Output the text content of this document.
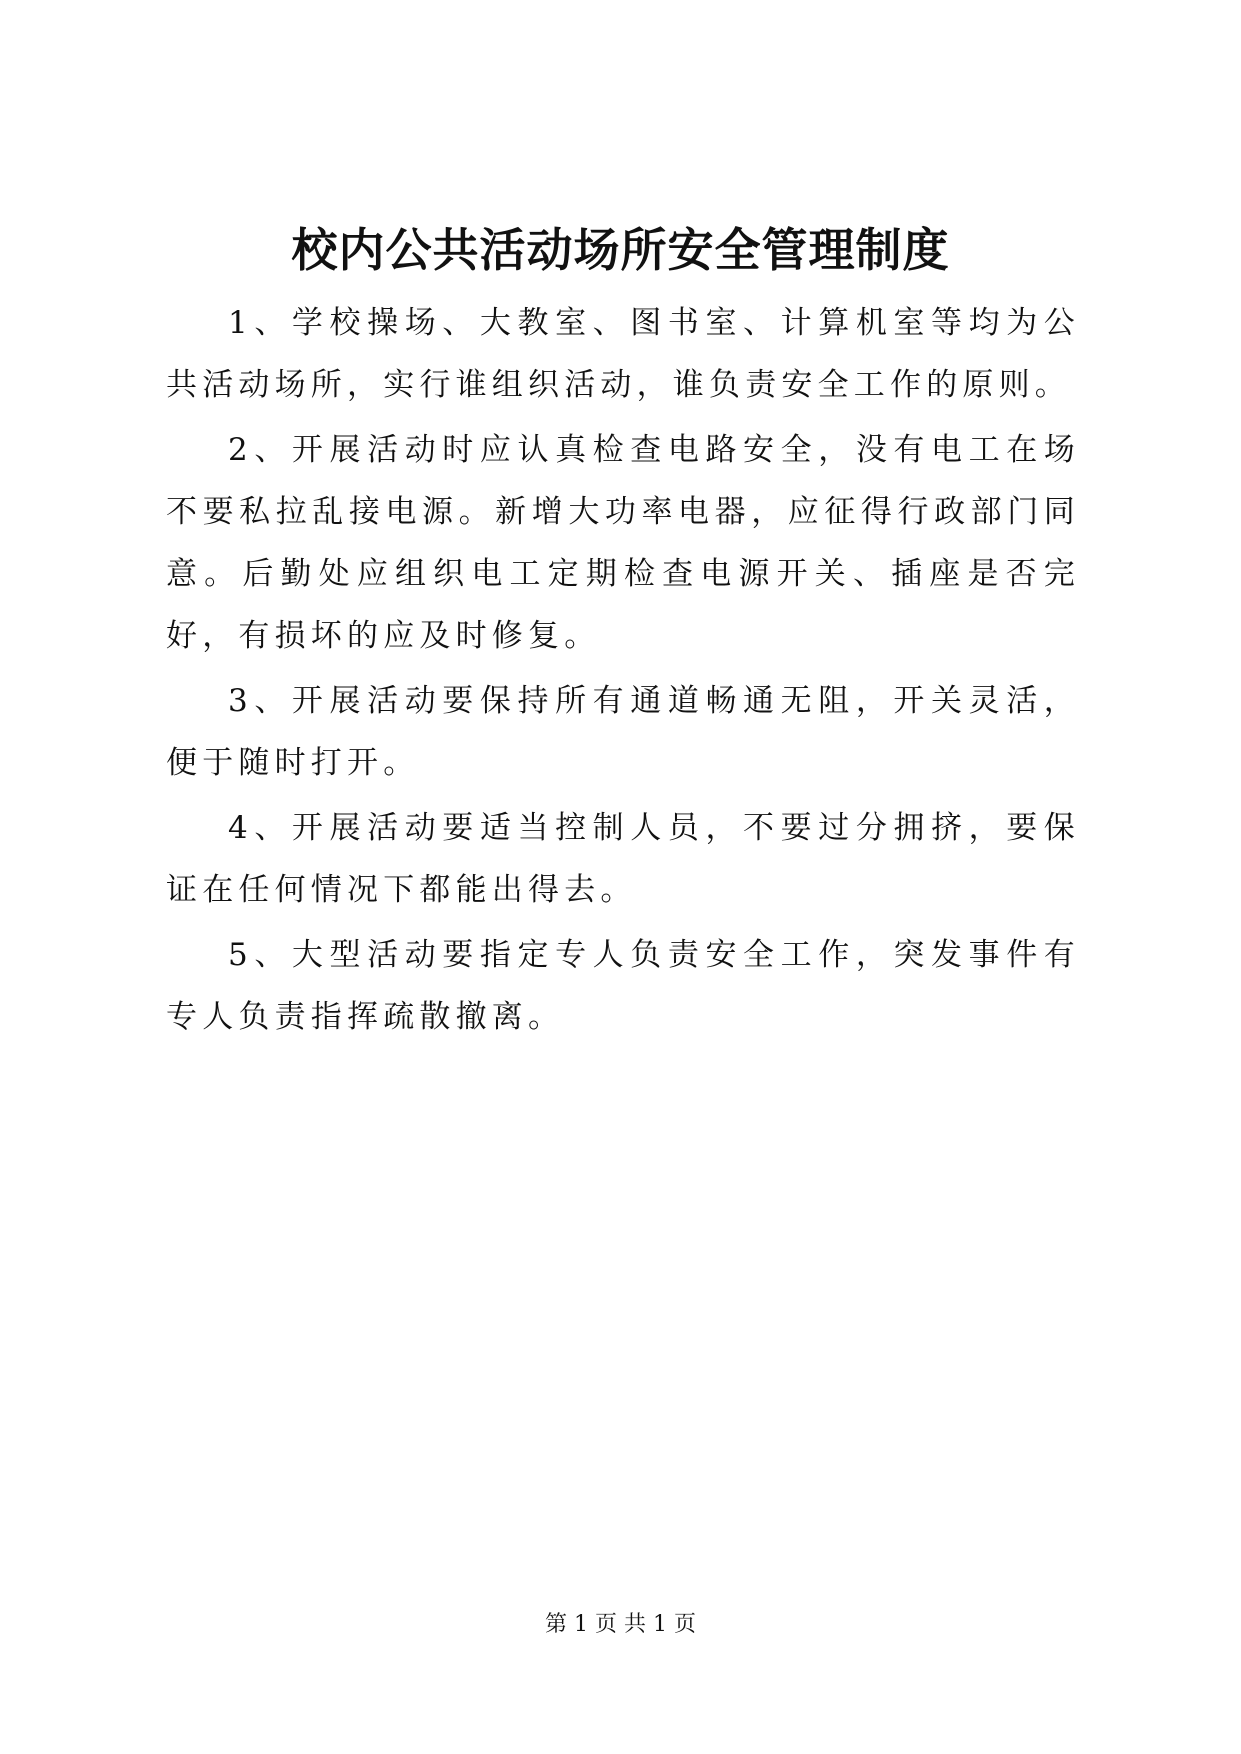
校内公共活动场所安全管理制度

1、学校操场、大教室、图书室、计算机室等均为公共活动场所，实行谁组织活动，谁负责安全工作的原则。

2、开展活动时应认真检查电路安全，没有电工在场不要私拉乱接电源。新增大功率电器，应征得行政部门同意。后勤处应组织电工定期检查电源开关、插座是否完好，有损坏的应及时修复。

3、开展活动要保持所有通道畅通无阻，开关灵活，便于随时打开。

4、开展活动要适当控制人员，不要过分拥挤，要保证在任何情况下都能出得去。

5、大型活动要指定专人负责安全工作，突发事件有专人负责指挥疏散撤离。

第 1 页 共 1 页
